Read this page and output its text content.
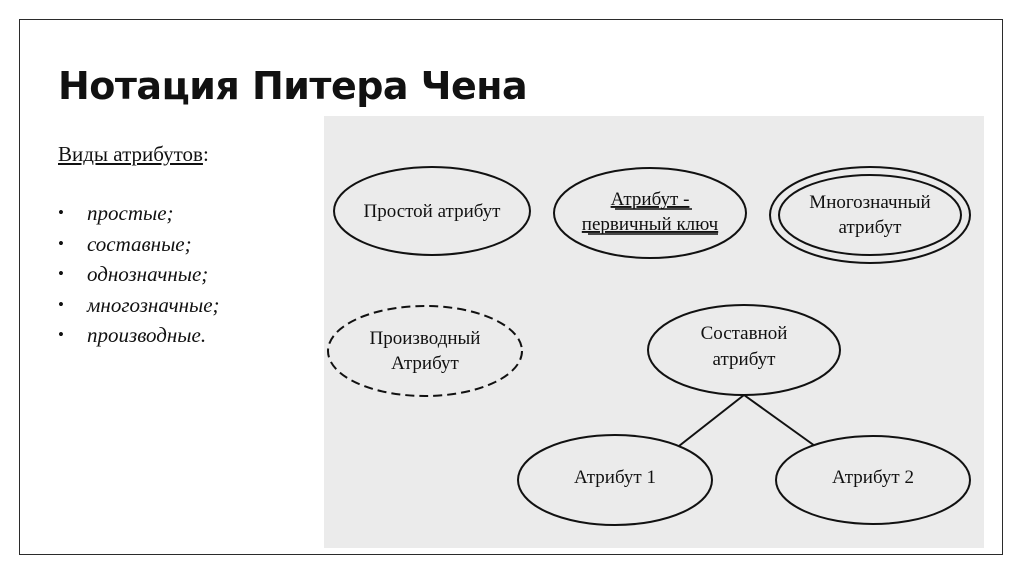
Нотация Питера Чена
Виды атрибутов:
• простые;
• составные;
• однозначные;
• многозначные;
• производные.
Простой атрибут
Атрибут -
первичный ключ
Многозначный
атрибут
Производный
Атрибут
Составной
атрибут
Атрибут 1	Атрибут 2
